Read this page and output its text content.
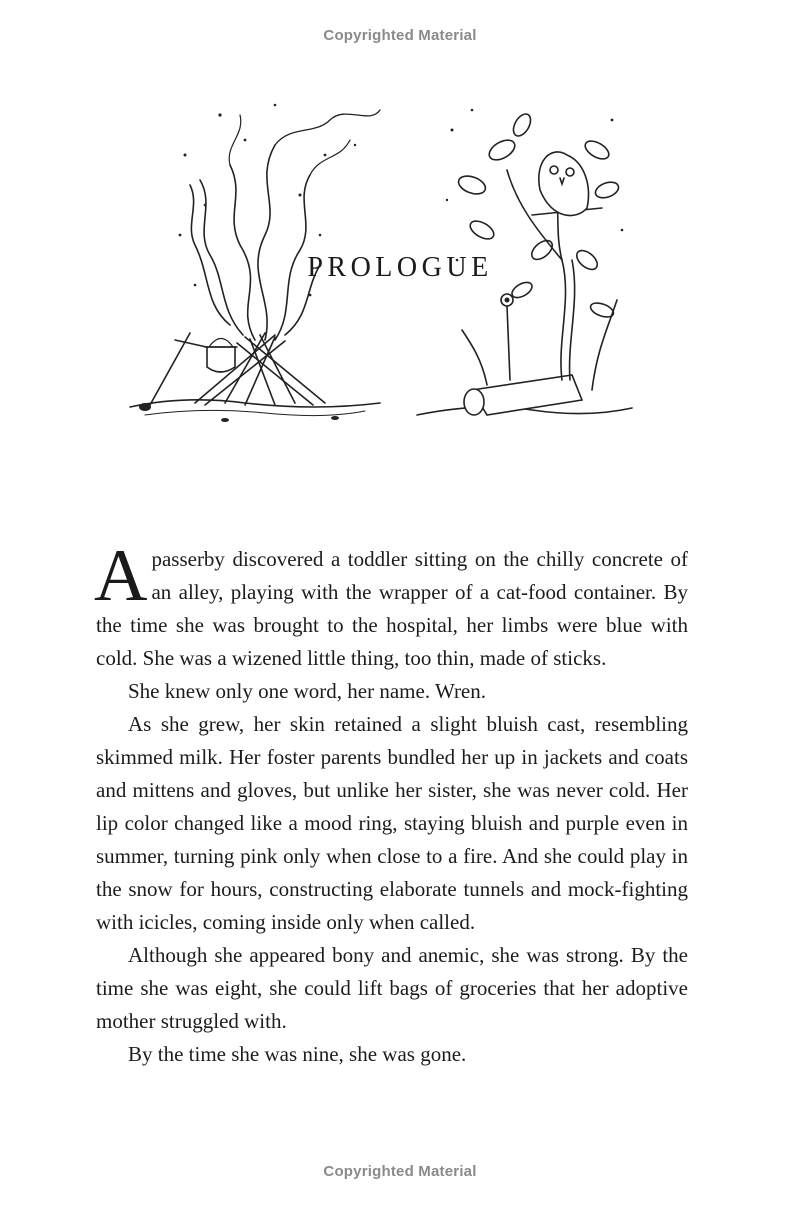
Copyrighted Material
PROLOGUE

A passerby discovered a toddler sitting on the chilly concrete of an alley, playing with the wrapper of a cat-food container. By the time she was brought to the hospital, her limbs were blue with cold. She was a wizened little thing, too thin, made of sticks.

She knew only one word, her name. Wren.

As she grew, her skin retained a slight bluish cast, resembling skimmed milk. Her foster parents bundled her up in jackets and coats and mittens and gloves, but unlike her sister, she was never cold. Her lip color changed like a mood ring, staying bluish and purple even in summer, turning pink only when close to a fire. And she could play in the snow for hours, constructing elaborate tunnels and mock-fighting with icicles, coming inside only when called.

Although she appeared bony and anemic, she was strong. By the time she was eight, she could lift bags of groceries that her adoptive mother struggled with.

By the time she was nine, she was gone.

Copyrighted Material
